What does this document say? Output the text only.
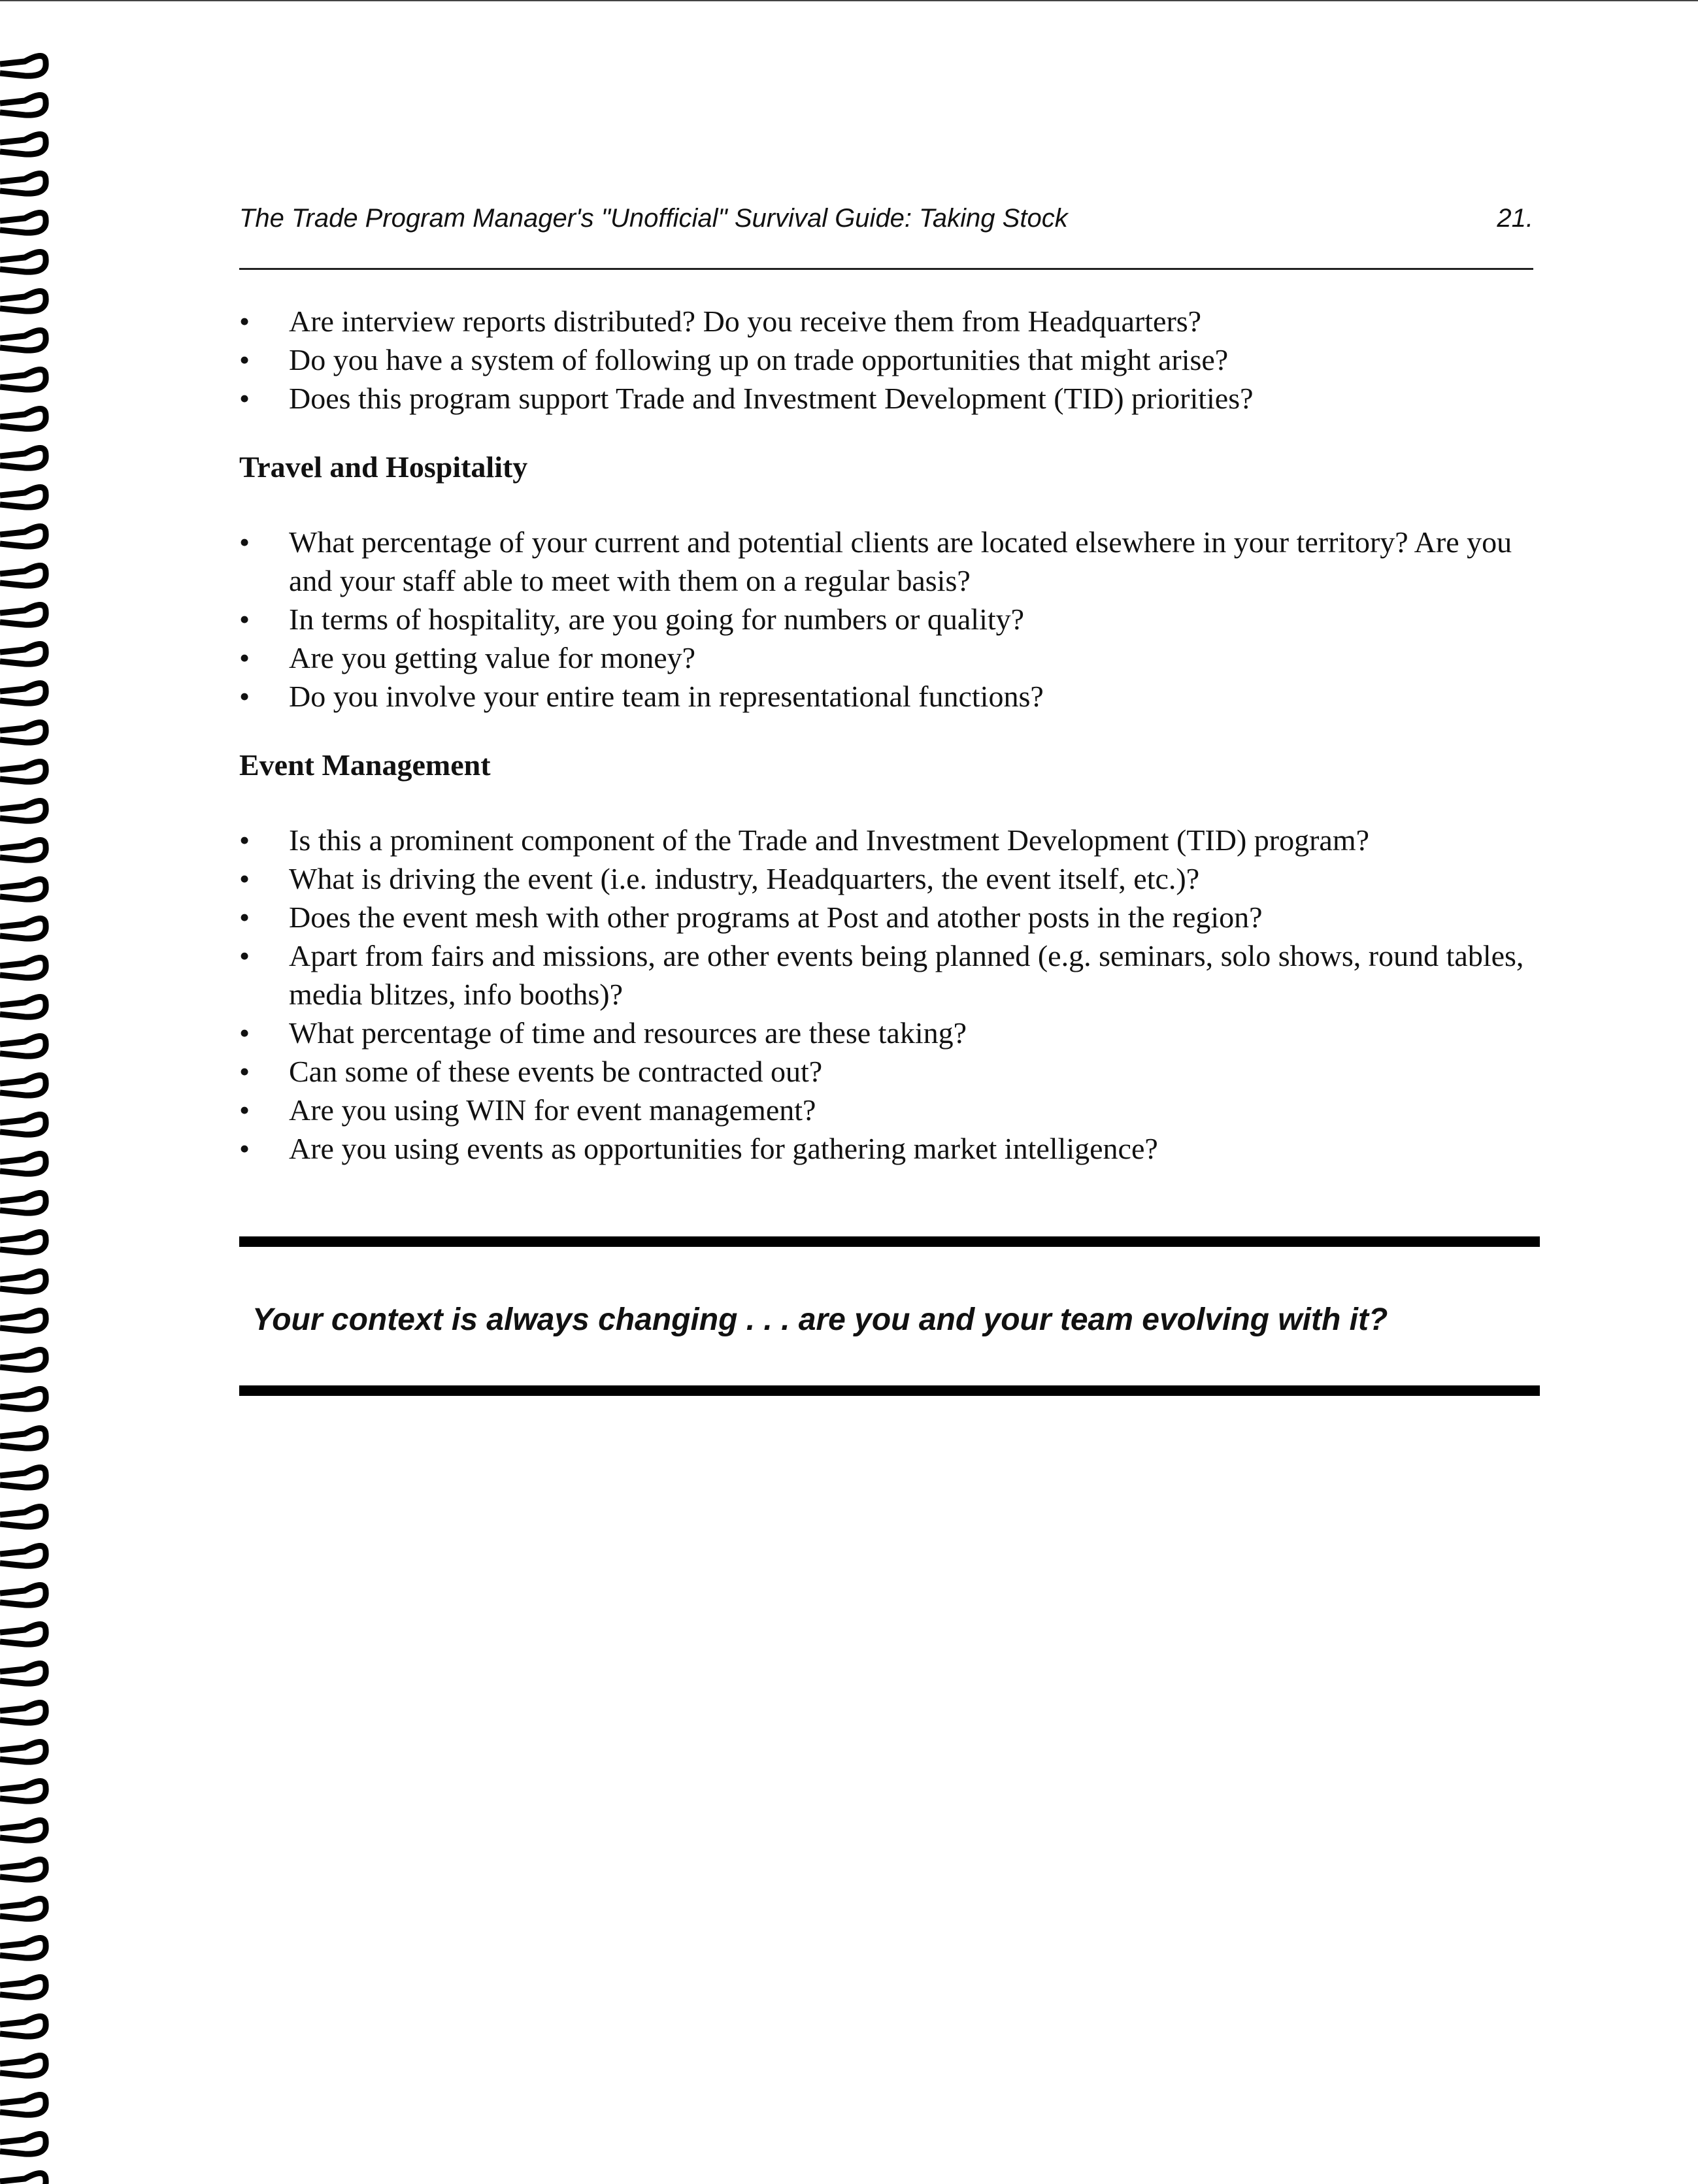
The Trade Program Manager's "Unofficial" Survival Guide: Taking Stock	21.
• Are interview reports distributed? Do you receive them from Headquarters?
• Do you have a system of following up on trade opportunities that might arise?
• Does this program support Trade and Investment Development (TID) priorities?
Travel and Hospitality
• What percentage of your current and potential clients are located elsewhere in your territory? Are you and your staff able to meet with them on a regular basis?
• In terms of hospitality, are you going for numbers or quality?
• Are you getting value for money?
• Do you involve your entire team in representational functions?
Event Management
• Is this a prominent component of the Trade and Investment Development (TID) program?
• What is driving the event (i.e. industry, Headquarters, the event itself, etc.)?
• Does the event mesh with other programs at Post and atother posts in the region?
• Apart from fairs and missions, are other events being planned (e.g. seminars, solo shows, round tables, media blitzes, info booths)?
• What percentage of time and resources are these taking?
• Can some of these events be contracted out?
• Are you using WIN for event management?
• Are you using events as opportunities for gathering market intelligence?
Your context is always changing . . . are you and your team evolving with it?
